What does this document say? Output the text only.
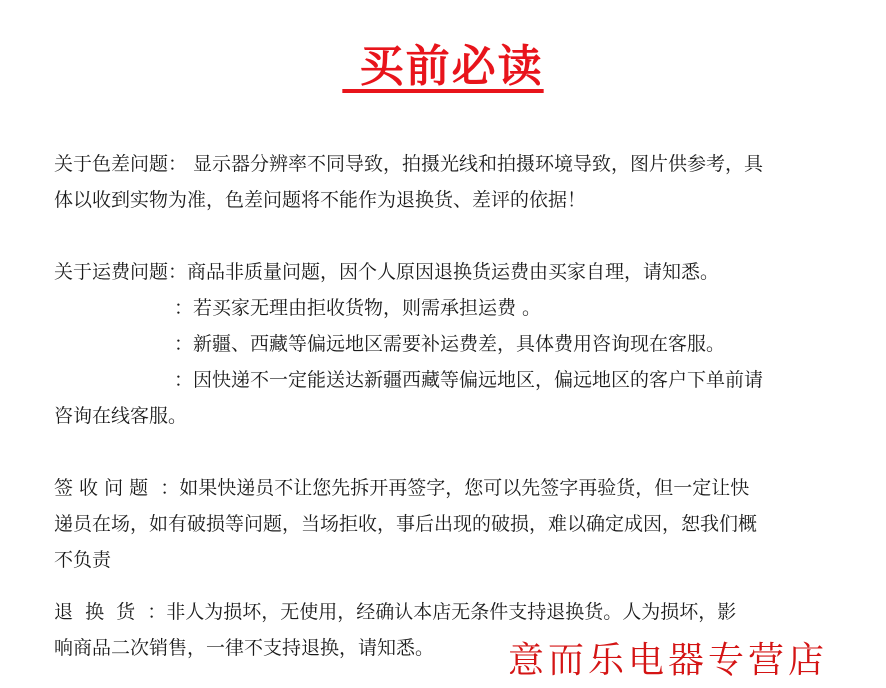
买前必读
关于色差问题： 显示器分辨率不同导致，拍摄光线和拍摄环境导致，图片供参考，具
体以收到实物为准，色差问题将不能作为退换货、差评的依据！
关于运费问题：商品非质量问题，因个人原因退换货运费由买家自理，请知悉。
：若买家无理由拒收货物，则需承担运费 。
：新疆、西藏等偏远地区需要补运费差，具体费用咨询现在客服。
：因快递不一定能送达新疆西藏等偏远地区，偏远地区的客户下单前请
咨询在线客服。
签 收 问 题  ：如果快递员不让您先拆开再签字，您可以先签字再验货，但一定让快
递员在场，如有破损等问题，当场拒收，事后出现的破损，难以确定成因，恕我们概
不负责
退  换  货  ：非人为损坏，无使用，经确认本店无条件支持退换货。人为损坏，影
响商品二次销售，一律不支持退换，请知悉。 意而乐电器专营店
